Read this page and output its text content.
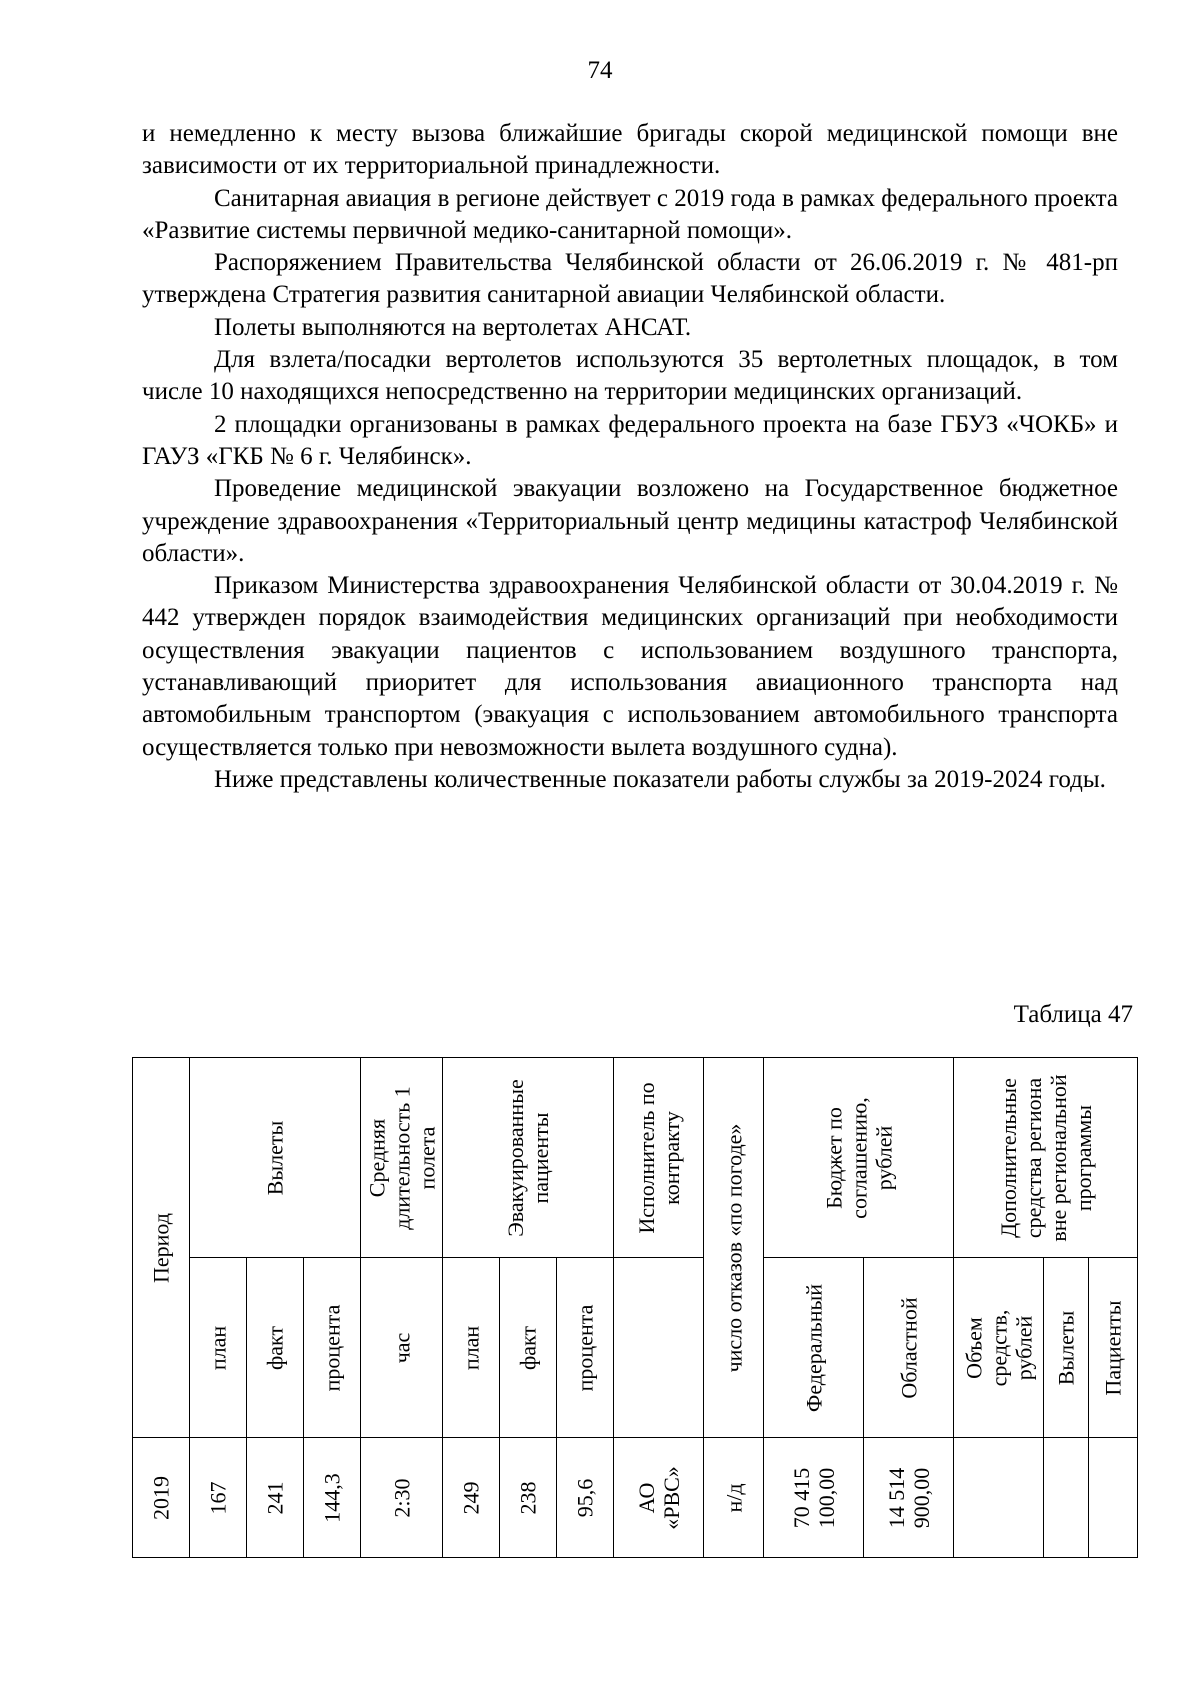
74

и немедленно к месту вызова ближайшие бригады скорой медицинской помощи вне зависимости от их территориальной принадлежности.

Санитарная авиация в регионе действует с 2019 года в рамках федерального проекта «Развитие системы первичной медико-санитарной помощи».

Распоряжением Правительства Челябинской области от 26.06.2019 г. № 481-рп утверждена Стратегия развития санитарной авиации Челябинской области.

Полеты выполняются на вертолетах АНСАТ.

Для взлета/посадки вертолетов используются 35 вертолетных площадок, в том числе 10 находящихся непосредственно на территории медицинских организаций.

2 площадки организованы в рамках федерального проекта на базе ГБУЗ «ЧОКБ» и ГАУЗ «ГКБ № 6 г. Челябинск».

Проведение медицинской эвакуации возложено на Государственное бюджетное учреждение здравоохранения «Территориальный центр медицины катастроф Челябинской области».

Приказом Министерства здравоохранения Челябинской области от 30.04.2019 г. № 442 утвержден порядок взаимодействия медицинских организаций при необходимости осуществления эвакуации пациентов с использованием воздушного транспорта, устанавливающий приоритет для использования авиационного транспорта над автомобильным транспортом (эвакуация с использованием автомобильного транспорта осуществляется только при невозможности вылета воздушного судна).

Ниже представлены количественные показатели работы службы за 2019-2024 годы.

Таблица 47
Период	Вылеты			Средняя длительность 1 полета	Эвакуированные пациенты			Исполнитель по контракту	число отказов «по погоде»	Бюджет по соглашению, рублей		Дополнительные средства региона вне региональной программы		

	план	факт	процента	час	план	факт	процента			Федеральный	Областной	Объем средств, рублей	Вылеты	Пациенты

2019	167	241	144,3	2:30	249	238	95,6	АО «РВС»	н/д	70 415 100,00	14 514 900,00			
